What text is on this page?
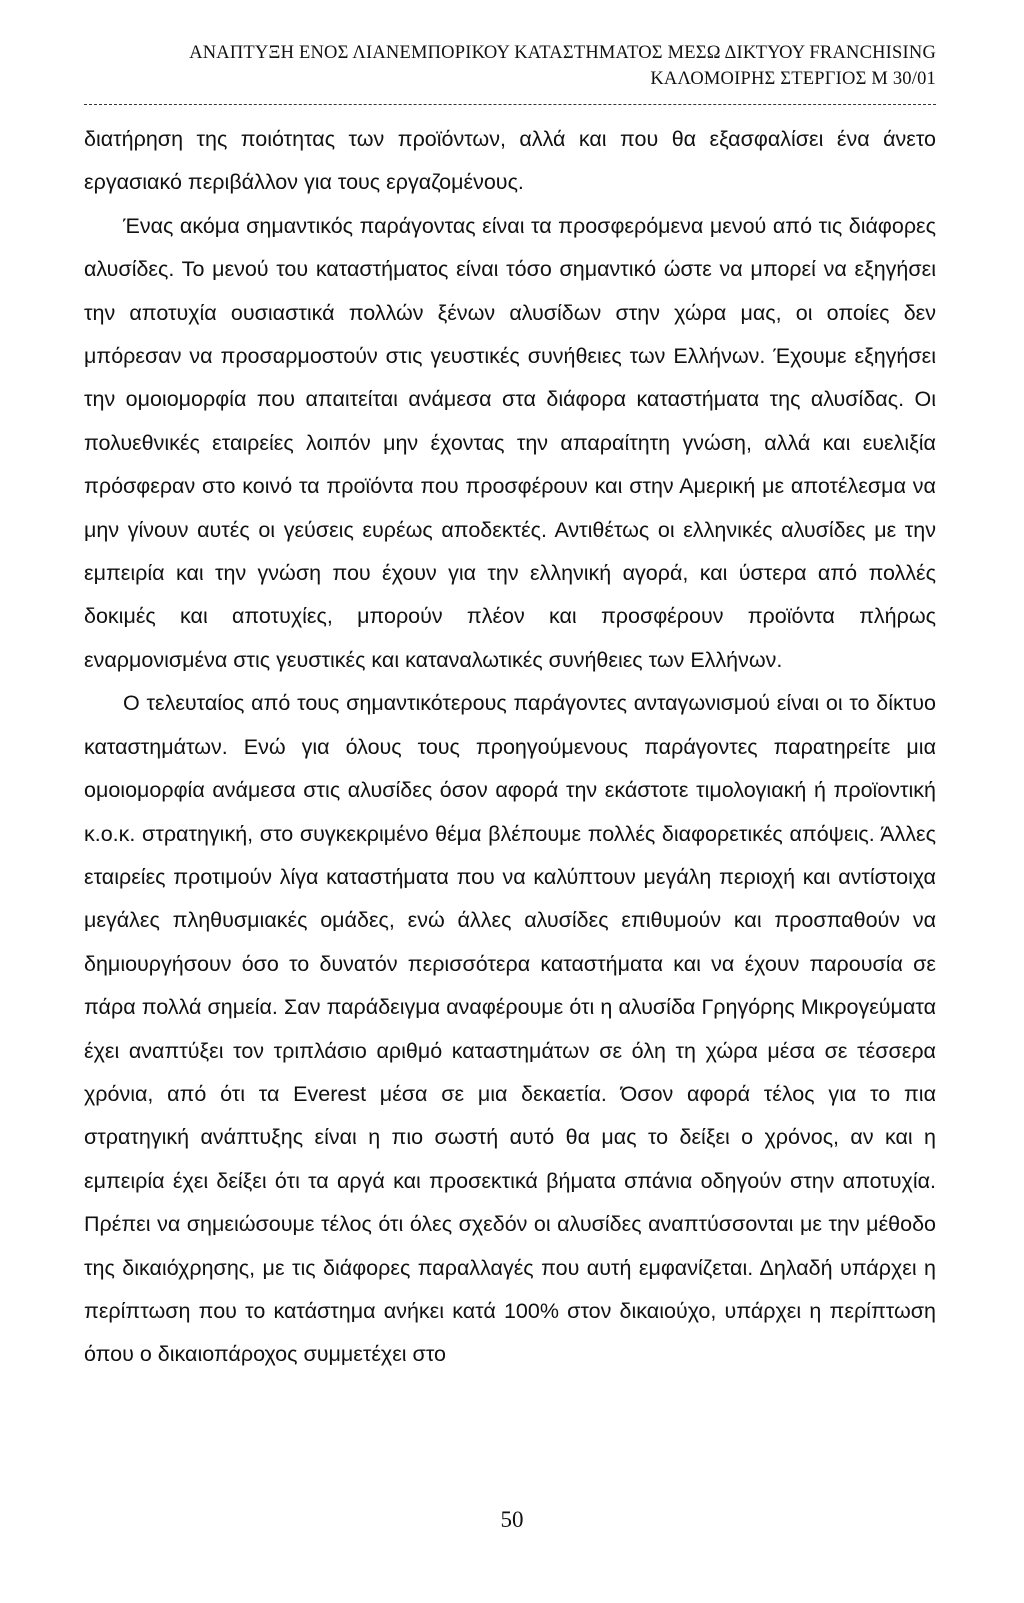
ΑΝΑΠΤΥΞΗ ΕΝΟΣ ΛΙΑΝΕΜΠΟΡΙΚΟΥ ΚΑΤΑΣΤΗΜΑΤΟΣ ΜΕΣΩ ΔΙΚΤΥΟΥ FRANCHISING
ΚΑΛΟΜΟΙΡΗΣ ΣΤΕΡΓΙΟΣ Μ 30/01

διατήρηση της ποιότητας των προϊόντων, αλλά και που θα εξασφαλίσει ένα άνετο εργασιακό περιβάλλον για τους εργαζομένους.

Ένας ακόμα σημαντικός παράγοντας είναι τα προσφερόμενα μενού από τις διάφορες αλυσίδες. Το μενού του καταστήματος είναι τόσο σημαντικό ώστε να μπορεί να εξηγήσει την αποτυχία ουσιαστικά πολλών ξένων αλυσίδων στην χώρα μας, οι οποίες δεν μπόρεσαν να προσαρμοστούν στις γευστικές συνήθειες των Ελλήνων. Έχουμε εξηγήσει την ομοιομορφία που απαιτείται ανάμεσα στα διάφορα καταστήματα της αλυσίδας. Οι πολυεθνικές εταιρείες λοιπόν μην έχοντας την απαραίτητη γνώση, αλλά και ευελιξία πρόσφεραν στο κοινό τα προϊόντα που προσφέρουν και στην Αμερική με αποτέλεσμα να μην γίνουν αυτές οι γεύσεις ευρέως αποδεκτές. Αντιθέτως οι ελληνικές αλυσίδες με την εμπειρία και την γνώση που έχουν για την ελληνική αγορά, και ύστερα από πολλές δοκιμές και αποτυχίες, μπορούν πλέον και προσφέρουν προϊόντα πλήρως εναρμονισμένα στις γευστικές και καταναλωτικές συνήθειες των Ελλήνων.

Ο τελευταίος από τους σημαντικότερους παράγοντες ανταγωνισμού είναι οι το δίκτυο καταστημάτων. Ενώ για όλους τους προηγούμενους παράγοντες παρατηρείτε μια ομοιομορφία ανάμεσα στις αλυσίδες όσον αφορά την εκάστοτε τιμολογιακή ή προϊοντική κ.ο.κ. στρατηγική, στο συγκεκριμένο θέμα βλέπουμε πολλές διαφορετικές απόψεις. Άλλες εταιρείες προτιμούν λίγα καταστήματα που να καλύπτουν μεγάλη περιοχή και αντίστοιχα μεγάλες πληθυσμιακές ομάδες, ενώ άλλες αλυσίδες επιθυμούν και προσπαθούν να δημιουργήσουν όσο το δυνατόν περισσότερα καταστήματα και να έχουν παρουσία σε πάρα πολλά σημεία. Σαν παράδειγμα αναφέρουμε ότι η αλυσίδα Γρηγόρης Μικρογεύματα έχει αναπτύξει τον τριπλάσιο αριθμό καταστημάτων σε όλη τη χώρα μέσα σε τέσσερα χρόνια, από ότι τα Everest μέσα σε μια δεκαετία. Όσον αφορά τέλος για το πια στρατηγική ανάπτυξης είναι η πιο σωστή αυτό θα μας το δείξει ο χρόνος, αν και η εμπειρία έχει δείξει ότι τα αργά και προσεκτικά βήματα σπάνια οδηγούν στην αποτυχία. Πρέπει να σημειώσουμε τέλος ότι όλες σχεδόν οι αλυσίδες αναπτύσσονται με την μέθοδο της δικαιόχρησης, με τις διάφορες παραλλαγές που αυτή εμφανίζεται. Δηλαδή υπάρχει η περίπτωση που το κατάστημα ανήκει κατά 100% στον δικαιούχο, υπάρχει η περίπτωση όπου ο δικαιοπάροχος συμμετέχει στο

50
